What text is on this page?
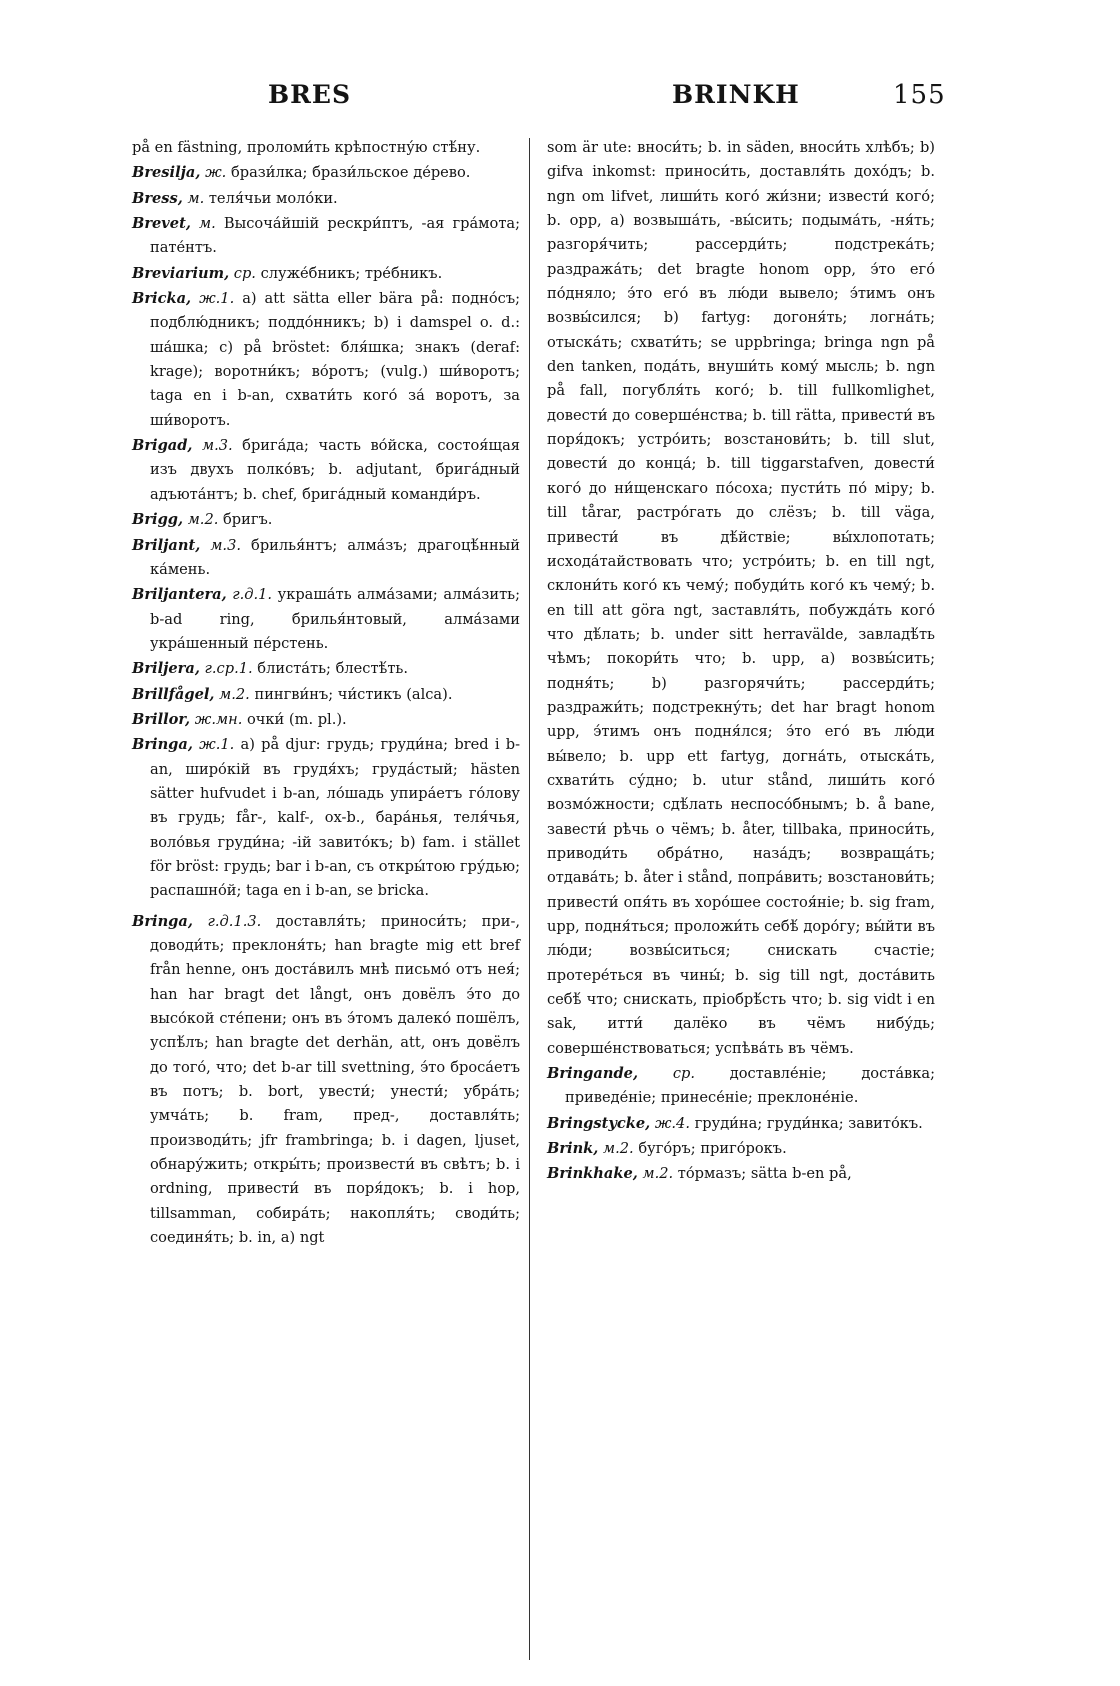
BRES	BRINKH	155

på en fästning, проломи́ть крѣпостну́ю стѣ́ну.

Bresilja, ж. брази́лка; брази́льское де́рево.

Bress, м. теля́чьи моло́ки.

Brevet, м. Высоча́йшій рескри́птъ, -ая гра́мота; пате́нтъ.

Breviarium, ср. служе́бникъ; тре́бникъ.

Bricka, ж.1. a) att sätta eller bära på: подно́съ; подблю́дникъ; поддо́нникъ; b) i damspel o. d.: ша́шка; c) på bröstet: бля́шка; знакъ (deraf: krage); воротни́къ; во́ротъ; (vulg.) ши́воротъ; taga en i b-an, схвати́ть кого́ за́ воротъ, за ши́воротъ.

Brigad, м.3. брига́да; часть во́йска, состоя́щая изъ двухъ полко́въ; b. adjutant, брига́дный адъюта́нтъ; b. chef, брига́дный команди́ръ.

Brigg, м.2. бригъ.

Briljant, м.3. брилья́нтъ; алма́зъ; драгоцѣ́нный ка́мень.

Briljantera, г.д.1. украша́ть алма́зами; алма́зить; b-ad ring, брилья́нтовый, алма́зами укра́шенный пе́рстень.

Briljera, г.ср.1. блиста́ть; блестѣ́ть.

Brillfågel, м.2. пингви́нъ; чи́стикъ (alca).

Brillor, ж.мн. очки́ (m. pl.).

Bringa, ж.1. a) på djur: грудь; груди́на; bred i b-an, широ́кій въ грудя́хъ; груда́стый; hästen sätter hufvudet i b-an, ло́шадь упира́етъ го́лову въ грудь; får-, kalf-, ox-b., бара́нья, теля́чья, воло́вья груди́на; -ій завито́къ; b) fam. i stället för bröst: грудь; bar i b-an, съ откры́тою гру́дью; распашно́й; taga en i b-an, se bricka.

Bringa, г.д.1.3. доставля́ть; приноси́ть; при-, доводи́ть; преклоня́ть; han bragte mig ett bref från henne, онъ доста́вилъ мнѣ письмо́ отъ нея́; han har bragt det långt, онъ довёлъ э́то до высо́кой сте́пени; онъ въ э́томъ далеко́ пошёлъ, успѣ́лъ; han bragte det derhän, att, онъ довёлъ до того́, что; det b-ar till svettning, э́то броса́етъ въ потъ; b. bort, увести́; унести́; убра́ть; умча́ть; b. fram, пред-, доставля́ть; производи́ть; jfr frambringa; b. i dagen, ljuset, обнару́жить; откры́ть; произвести́ въ свѣтъ; b. i ordning, привести́ въ поря́докъ; b. i hop, tillsamman, собира́ть; накопля́ть; своди́ть; соединя́ть; b. in, a) ngt

som är ute: вноси́ть; b. in säden, вноси́ть хлѣбъ; b) gifva inkomst: приноси́ть, доставля́ть дохо́дъ; b. ngn om lifvet, лиши́ть кого́ жи́зни; извести́ кого́; b. opp, a) возвыша́ть, -вы́сить; подыма́ть, -ня́ть; разгоря́чить; рассерди́ть; подстрека́ть; раздража́ть; det bragte honom opp, э́то его́ по́дняло; э́то его́ въ лю́ди вывело; э́тимъ онъ возвы́сился; b) fartyg: догоня́ть; логна́ть; отыска́ть; схвати́ть; se uppbringa; bringa ngn på den tanken, пода́ть, внуши́ть кому́ мысль; b. ngn på fall, погубля́ть кого́; b. till fullkomlighet, довести́ до соверше́нства; b. till rätta, привести́ въ поря́докъ; устро́ить; возстанови́ть; b. till slut, довести́ до конца́; b. till tiggarstafven, довести́ кого́ до ни́щенскаго по́соха; пусти́ть по́ міру; b. till tårar, растро́гать до слёзъ; b. till väga, привести́ въ дѣ́йствіе; вы́хлопотать; исхода́тайствовать что; устро́ить; b. en till ngt, склони́ть кого́ къ чему́; побуди́ть кого́ къ чему́; b. en till att göra ngt, заставля́ть, побужда́ть кого́ что дѣ́лать; b. under sitt herravälde, завладѣ́ть чѣмъ; покори́ть что; b. upp, a) возвы́сить; подня́ть; b) разгорячи́ть; рассерди́ть; раздражи́ть; подстрекну́ть; det har bragt honom upp, э́тимъ онъ подня́лся; э́то его́ въ лю́ди вы́вело; b. upp ett fartyg, догна́ть, отыска́ть, схвати́ть су́дно; b. utur stånd, лиши́ть кого́ возмо́жности; сдѣ́лать неспосо́бнымъ; b. å bane, завести́ рѣчь о чёмъ; b. åter, tillbaka, приноси́ть, приводи́ть обра́тно, наза́дъ; возвраща́ть; отдава́ть; b. åter i stånd, попра́вить; возстанови́ть; привести́ опя́ть въ хоро́шее состоя́ніе; b. sig fram, upp, подня́ться; проложи́ть себѣ́ доро́гу; вы́йти въ лю́ди; возвы́ситься; снискать счастіе; протере́ться въ чины́; b. sig till ngt, доста́вить себѣ́ что; снискать, пріобрѣ́сть что; b. sig vidt i en sak, итти́ далёко въ чёмъ нибу́дь; соверше́нствоваться; успѣва́ть въ чёмъ.

Bringande, ср. доставле́ніе; доста́вка; приведе́ніе; принесе́ніе; преклоне́ніе.

Bringstycke, ж.4. груди́на; груди́нка; завито́къ.

Brink, м.2. буго́ръ; приго́рокъ.

Brinkhake, м.2. то́рмазъ; sätta b-en på,
